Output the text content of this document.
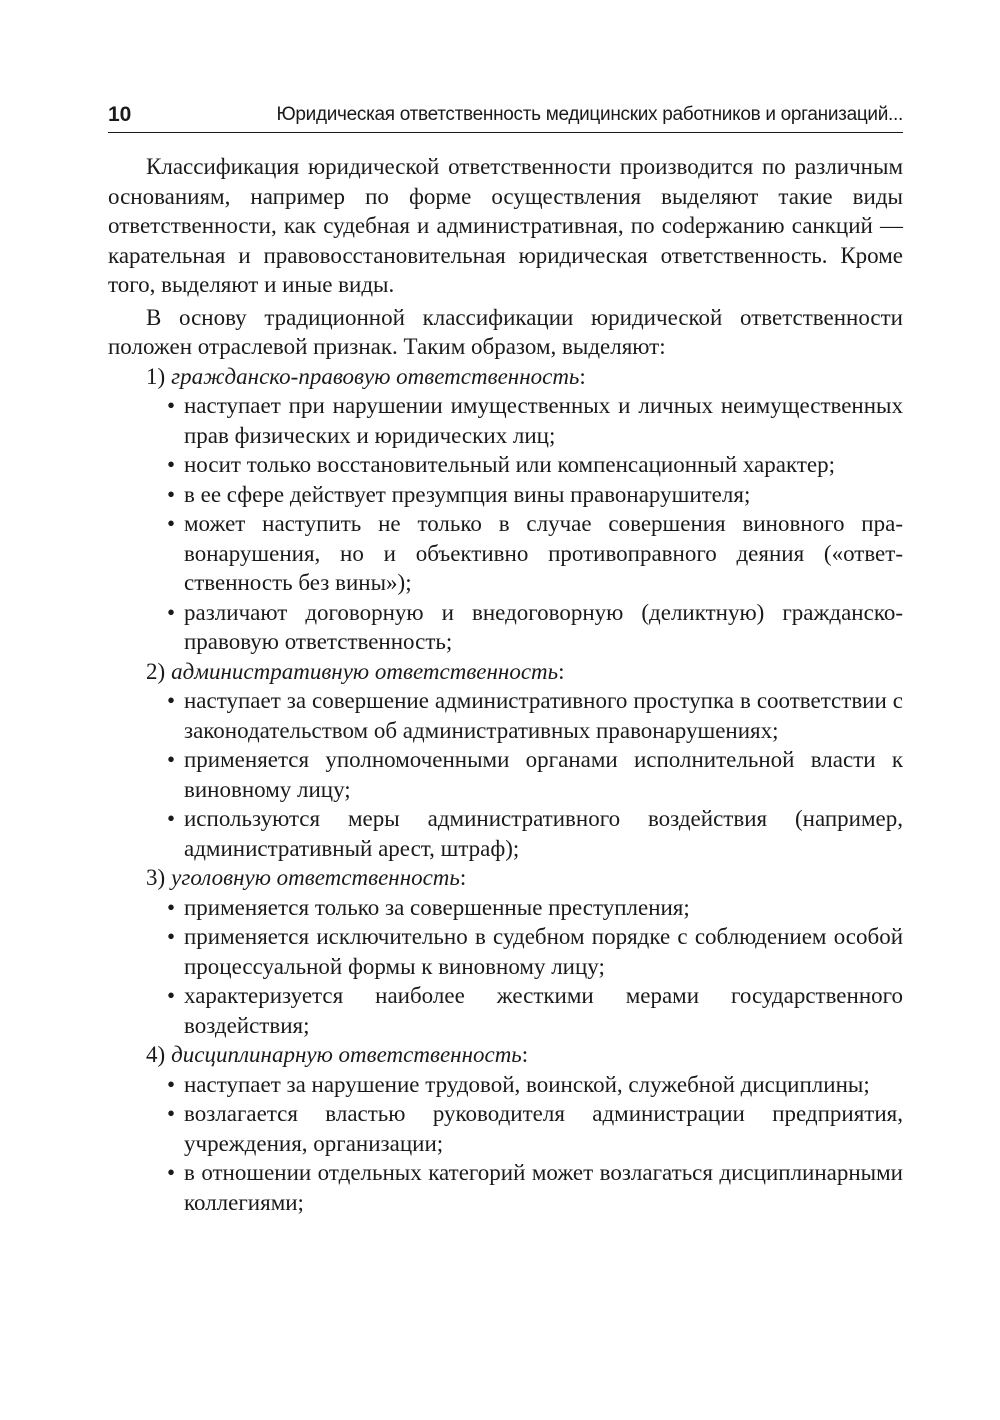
10	Юридическая ответственность медицинских работников и организаций...

Классификация юридической ответственности производится по различным основаниям, например по форме осуществления выделяют такие виды ответственности, как судебная и административная, по соdержанию санкций — карательная и правовосстановительная юридическая ответственность. Кроме того, выделяют и иные виды.

В основу традиционной классификации юридической ответственности положен отраслевой признак. Таким образом, выделяют:

1) гражданско-правовую ответственность:
• наступает при нарушении имущественных и личных неимущественных прав физических и юридических лиц;
• носит только восстановительный или компенсационный характер;
• в ее сфере действует презумпция вины правонарушителя;
• может наступить не только в случае совершения виновного правонарушения, но и объективно противоправного деяния («ответственность без вины»);
• различают договорную и внедоговорную (деликтную) гражданско-правовую ответственность;
2) административную ответственность:
• наступает за совершение административного проступка в соответствии с законодательством об административных правонарушениях;
• применяется уполномоченными органами исполнительной власти к виновному лицу;
• используются меры административного воздействия (например, административный арест, штраф);
3) уголовную ответственность:
• применяется только за совершенные преступления;
• применяется исключительно в судебном порядке с соблюдением особой процессуальной формы к виновному лицу;
• характеризуется наиболее жесткими мерами государственного воздействия;
4) дисциплинарную ответственность:
• наступает за нарушение трудовой, воинской, служебной дисциплины;
• возлагается властью руководителя администрации предприятия, учреждения, организации;
• в отношении отдельных категорий может возлагаться дисциплинарными коллегиями;
